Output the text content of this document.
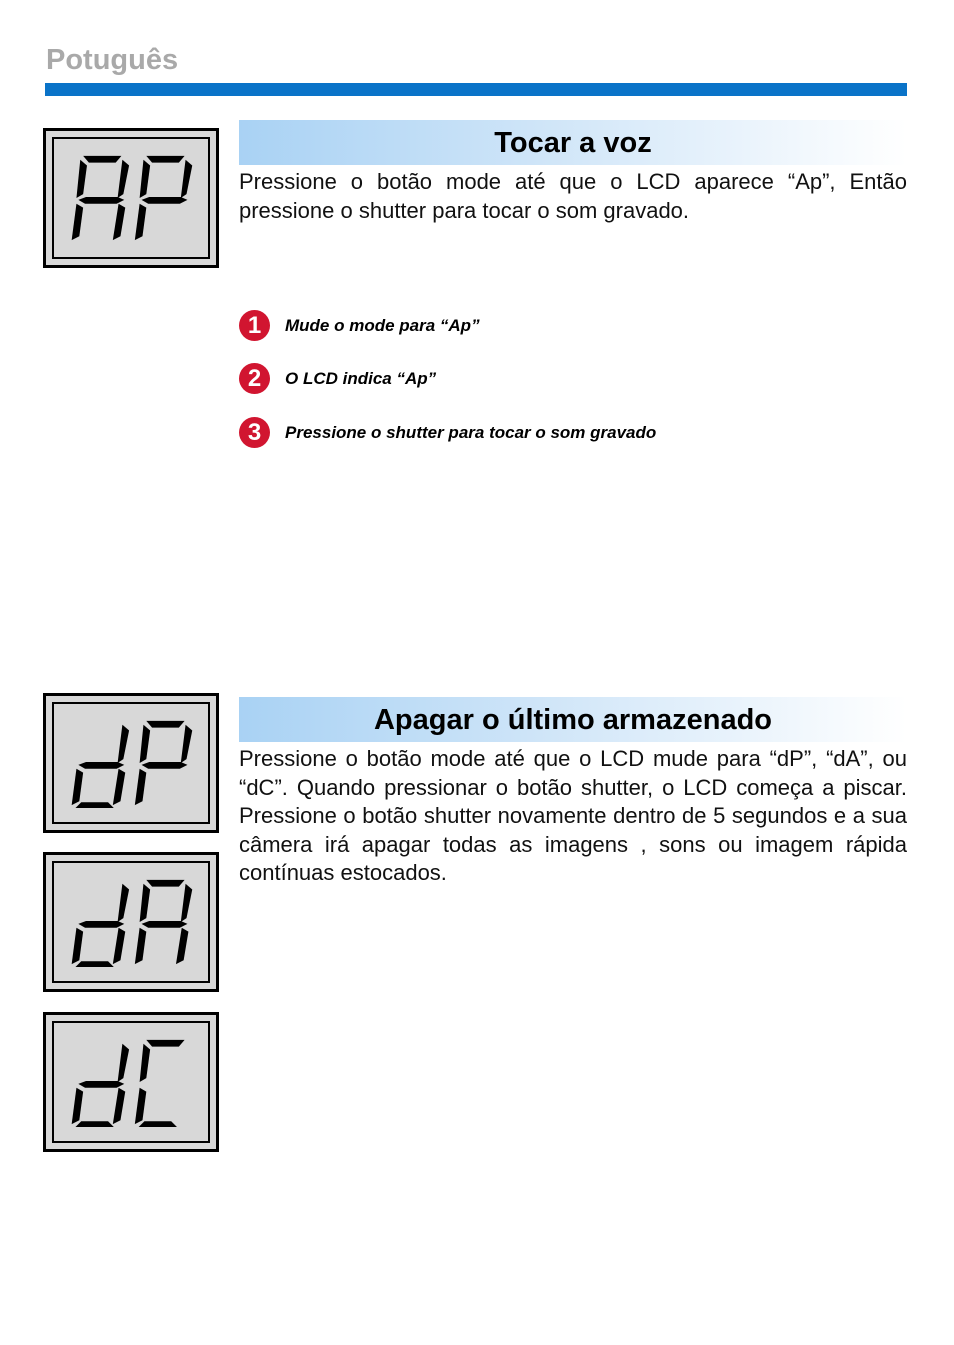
Potuguês
Tocar a voz

Pressione o botão mode até que o LCD aparece “Ap”, Então pressione o shutter para tocar o som gravado.

1	Mude o mode para “Ap”
2	O LCD indica “Ap”
3	Pressione o shutter para tocar o som gravado
Apagar o último armazenado

Pressione o botão mode até que o LCD mude para “dP”, “dA”, ou “dC”. Quando pressionar o botão shutter, o LCD começa a piscar. Pressione o botão shutter novamente dentro de 5 segundos e a sua câmera irá apagar todas as imagens , sons ou imagem rápida contínuas estocados.
